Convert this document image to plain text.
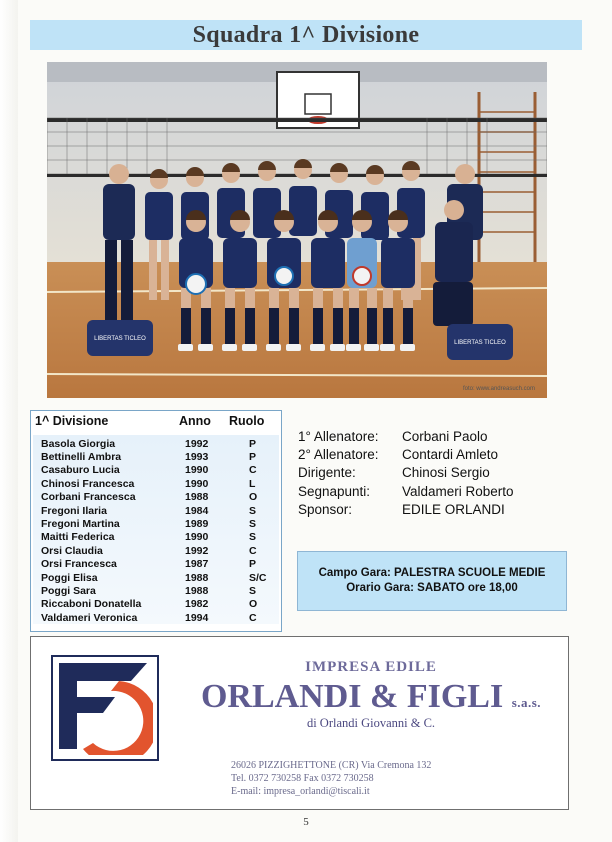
Squadra 1^ Divisione
LIBERTAS TICLEO
LIBERTAS TICLEO
foto: www.andreasuch.com
1^ Divisione	Anno	Ruolo
Basola Giorgia	1992	P
Bettinelli Ambra	1993	P
Casaburo Lucia	1990	C
Chinosi Francesca	1990	L
Corbani Francesca	1988	O
Fregoni Ilaria	1984	S
Fregoni Martina	1989	S
Maitti Federica	1990	S
Orsi Claudia	1992	C
Orsi Francesca	1987	P
Poggi Elisa	1988	S/C
Poggi Sara	1988	S
Riccaboni Donatella	1982	O
Valdameri Veronica	1994	C
1° Allenatore:	Corbani Paolo
2° Allenatore:	Contardi Amleto
Dirigente:	Chinosi Sergio
Segnapunti:	Valdameri Roberto
Sponsor:	EDILE ORLANDI
Campo Gara: PALESTRA SCUOLE MEDIE
Orario Gara: SABATO ore 18,00
IMPRESA EDILE
ORLANDI & FIGLI s.a.s.
di Orlandi Giovanni & C.
26026 PIZZIGHETTONE (CR) Via Cremona 132
Tel. 0372 730258 Fax 0372 730258
E-mail: impresa_orlandi@tiscali.it
5
